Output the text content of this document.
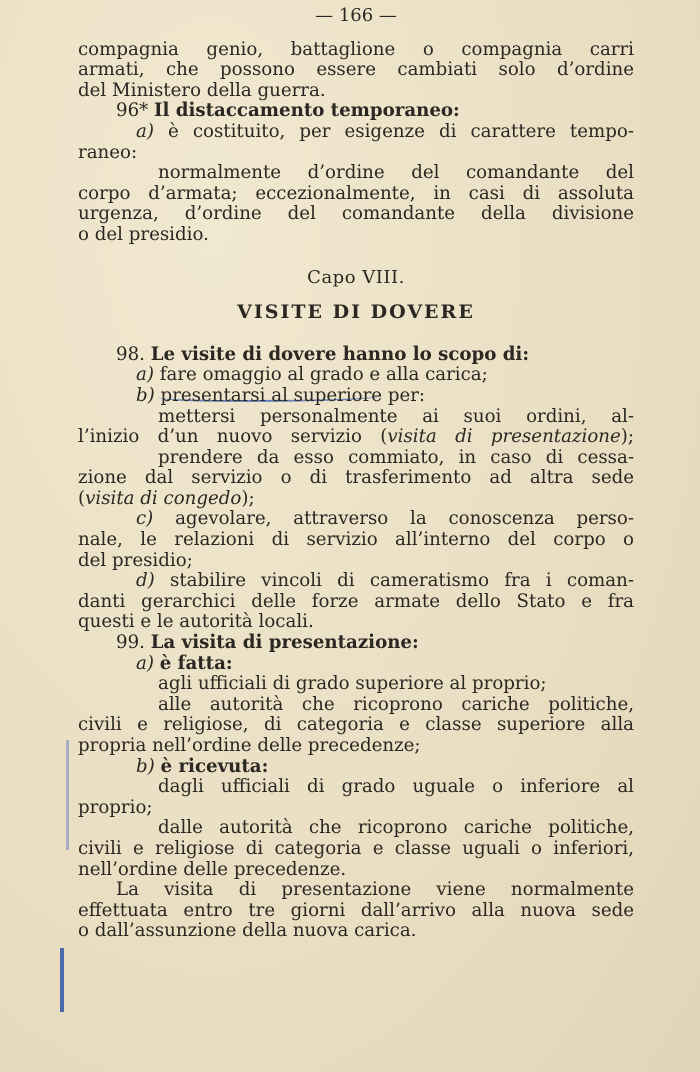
— 166 —
compagnia genio, battaglione o compagnia carri
armati, che possono essere cambiati solo d’ordine
del Ministero della guerra.
96* Il distaccamento temporaneo:
a) è costituito, per esigenze di carattere tempo-
raneo:
normalmente d’ordine del comandante del
corpo d’armata; eccezionalmente, in casi di assoluta
urgenza, d’ordine del comandante della divisione
o del presidio.
Capo VIII.
VISITE DI DOVERE
98. Le visite di dovere hanno lo scopo di:
a) fare omaggio al grado e alla carica;
b) presentarsi al superiore per:
mettersi personalmente ai suoi ordini, al-
l’inizio d’un nuovo servizio (visita di presentazione);
prendere da esso commiato, in caso di cessa-
zione dal servizio o di trasferimento ad altra sede
(visita di congedo);
c) agevolare, attraverso la conoscenza perso-
nale, le relazioni di servizio all’interno del corpo o
del presidio;
d) stabilire vincoli di cameratismo fra i coman-
danti gerarchici delle forze armate dello Stato e fra
questi e le autorità locali.
99. La visita di presentazione:
a) è fatta:
agli ufficiali di grado superiore al proprio;
alle autorità che ricoprono cariche politiche,
civili e religiose, di categoria e classe superiore alla
propria nell’ordine delle precedenze;
b) è ricevuta:
dagli ufficiali di grado uguale o inferiore al
proprio;
dalle autorità che ricoprono cariche politiche,
civili e religiose di categoria e classe uguali o inferiori,
nell’ordine delle precedenze.
La visita di presentazione viene normalmente
effettuata entro tre giorni dall’arrivo alla nuova sede
o dall’assunzione della nuova carica.
